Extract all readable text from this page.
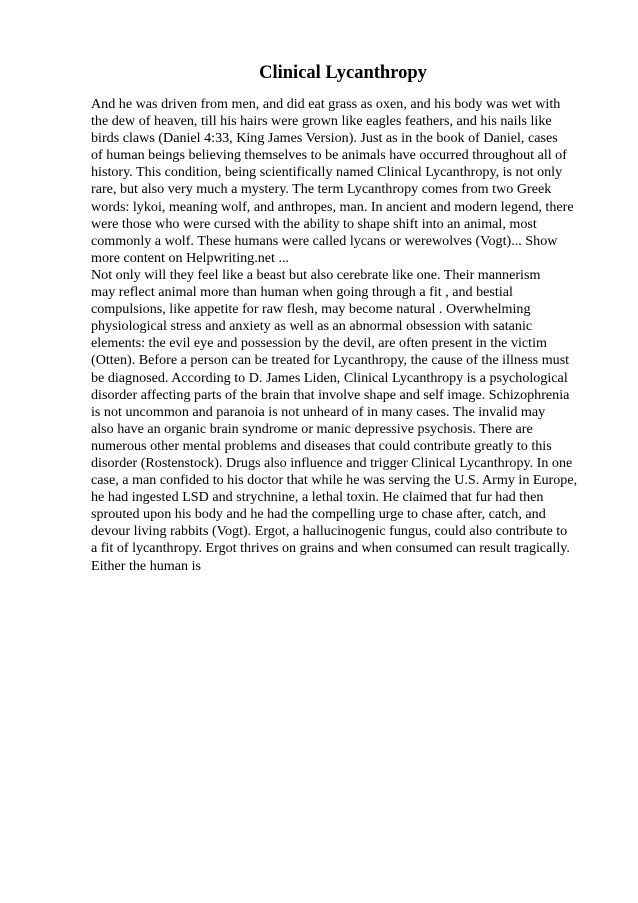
Clinical Lycanthropy
And he was driven from men, and did eat grass as oxen, and his body was wet with
the dew of heaven, till his hairs were grown like eagles feathers, and his nails like
birds claws (Daniel 4:33, King James Version). Just as in the book of Daniel, cases
of human beings believing themselves to be animals have occurred throughout all of
history. This condition, being scientifically named Clinical Lycanthropy, is not only
rare, but also very much a mystery. The term Lycanthropy comes from two Greek
words: lykoi, meaning wolf, and anthropes, man. In ancient and modern legend, there
were those who were cursed with the ability to shape shift into an animal, most
commonly a wolf. These humans were called lycans or werewolves (Vogt)... Show
more content on Helpwriting.net ...
Not only will they feel like a beast but also cerebrate like one. Their mannerism
may reflect animal more than human when going through a fit , and bestial
compulsions, like appetite for raw flesh, may become natural . Overwhelming
physiological stress and anxiety as well as an abnormal obsession with satanic
elements: the evil eye and possession by the devil, are often present in the victim
(Otten). Before a person can be treated for Lycanthropy, the cause of the illness must
be diagnosed. According to D. James Liden, Clinical Lycanthropy is a psychological
disorder affecting parts of the brain that involve shape and self image. Schizophrenia
is not uncommon and paranoia is not unheard of in many cases. The invalid may
also have an organic brain syndrome or manic depressive psychosis. There are
numerous other mental problems and diseases that could contribute greatly to this
disorder (Rostenstock). Drugs also influence and trigger Clinical Lycanthropy. In one
case, a man confided to his doctor that while he was serving the U.S. Army in Europe,
he had ingested LSD and strychnine, a lethal toxin. He claimed that fur had then
sprouted upon his body and he had the compelling urge to chase after, catch, and
devour living rabbits (Vogt). Ergot, a hallucinogenic fungus, could also contribute to
a fit of lycanthropy. Ergot thrives on grains and when consumed can result tragically.
Either the human is
